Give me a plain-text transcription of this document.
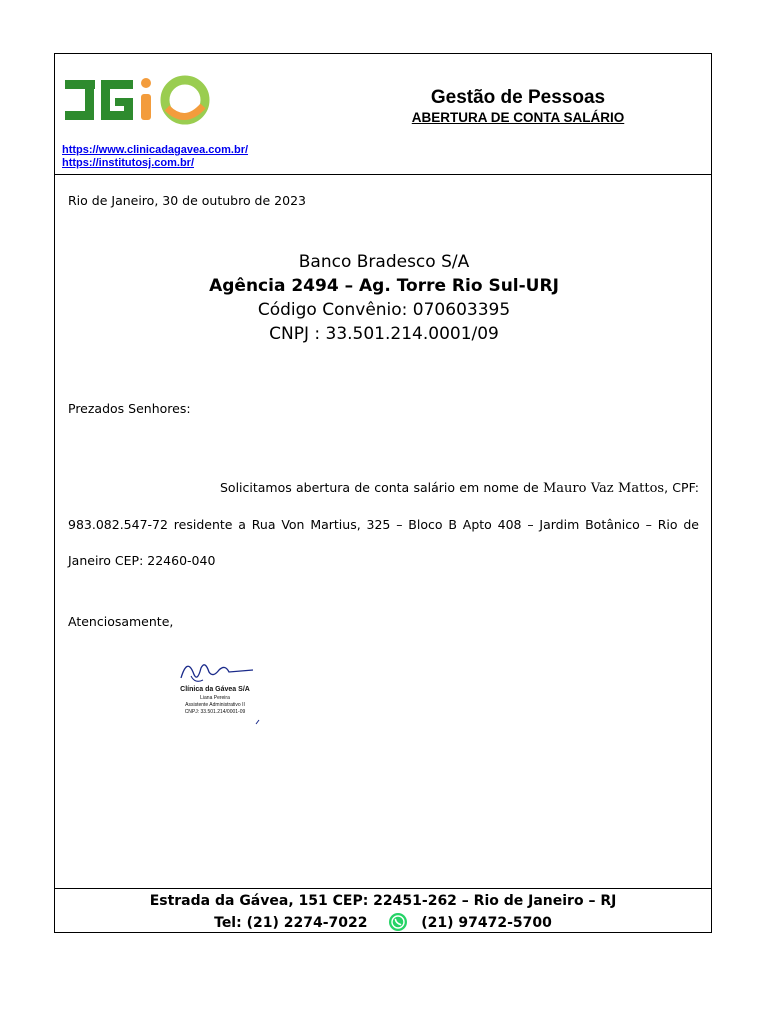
https://www.clinicadagavea.com.br/
https://institutosj.com.br/
Gestão de Pessoas
ABERTURA DE CONTA SALÁRIO
Rio de Janeiro, 30 de outubro de 2023
Banco Bradesco S/A
Agência 2494 – Ag. Torre Rio Sul-URJ
Código Convênio: 070603395
CNPJ : 33.501.214.0001/09
Prezados Senhores:
Solicitamos abertura de conta salário em nome de Mauro Vaz Mattos, CPF: 983.082.547-72 residente a Rua Von Martius, 325 – Bloco B Apto 408 – Jardim Botânico – Rio de Janeiro CEP: 22460-040
Atenciosamente,
Clínica da Gávea S/A
Liana Pereira
Assistente Administrativo II
CNPJ: 33.501.214/0001-09
Estrada da Gávea, 151 CEP: 22451-262 – Rio de Janeiro – RJ
Tel: (21) 2274-7022	(21) 97472-5700
